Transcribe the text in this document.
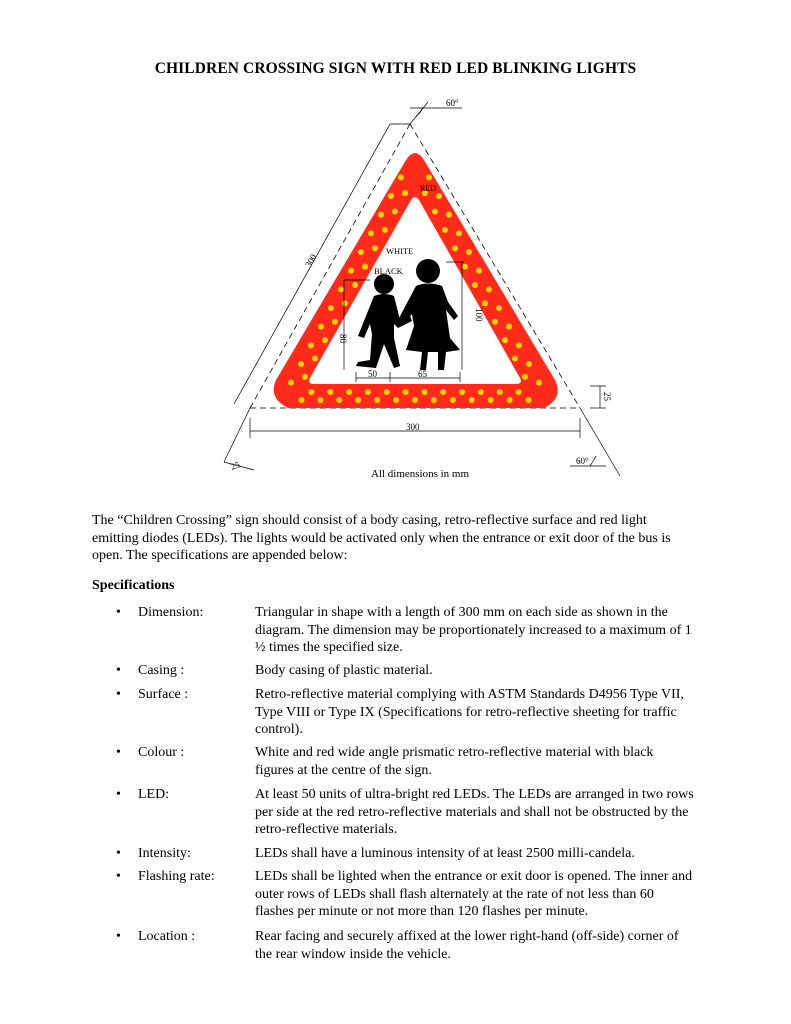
CHILDREN CROSSING SIGN WITH RED LED BLINKING LIGHTS
60°
60°
RED
WHITE
BLACK
300
300
80
100
50	65
25
25
All dimensions in mm
The “Children Crossing” sign should consist of a body casing, retro-reflective surface and red light emitting diodes (LEDs). The lights would be activated only when the entrance or exit door of the bus is open. The specifications are appended below:
Specifications
• Dimension:	Triangular in shape with a length of 300 mm on each side as shown in the diagram. The dimension may be proportionately increased to a maximum of 1 ½ times the specified size.
• Casing :	Body casing of plastic material.
• Surface :	Retro-reflective material complying with ASTM Standards D4956 Type VII, Type VIII or Type IX (Specifications for retro-reflective sheeting for traffic control).
• Colour :	White and red wide angle prismatic retro-reflective material with black figures at the centre of the sign.
• LED:	At least 50 units of ultra-bright red LEDs. The LEDs are arranged in two rows per side at the red retro-reflective materials and shall not be obstructed by the retro-reflective materials.
• Intensity:	LEDs shall have a luminous intensity of at least 2500 milli-candela.
• Flashing rate:	LEDs shall be lighted when the entrance or exit door is opened. The inner and outer rows of LEDs shall flash alternately at the rate of not less than 60 flashes per minute or not more than 120 flashes per minute.
• Location :	Rear facing and securely affixed at the lower right-hand (off-side) corner of the rear window inside the vehicle.
